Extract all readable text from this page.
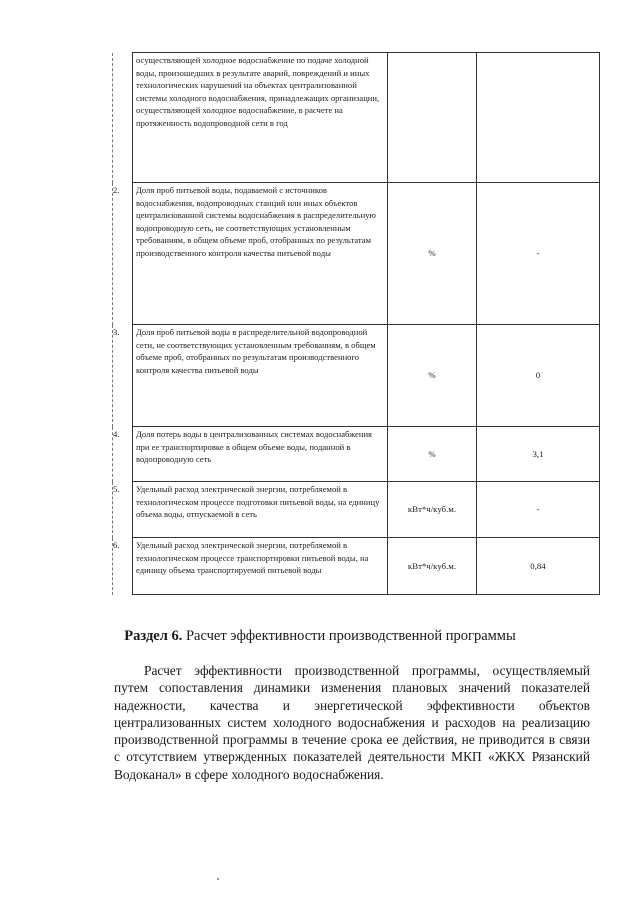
	осуществляющей холодное водоснабжение по подаче холодной воды, произошедших в результате аварий, повреждений и иных технологических нарушений на объектах централизованной системы холодного водоснабжения, принадлежащих организации, осуществляющей холодное водоснабжение, в расчете на протяженность водопроводной сети в год		
2.	Доля проб питьевой воды, подаваемой с источников водоснабжения, водопроводных станций или иных объектов централизованной системы водоснабжения в распределительную водопроводную сеть, не соответствующих установленным требованиям, в общем объеме проб, отобранных по результатам производственного контроля качества питьевой воды	%	-
3.	Доля проб питьевой воды в распределительной водопроводной сети, не соответствующих установленным требованиям, в общем объеме проб, отобранных по результатам производственного контроля качества питьевой воды	%	0
4.	Доля потерь воды в централизованных системах водоснабжения при ее транспортировке в общем объеме воды, поданной в водопроводную сеть	%	3,1
5.	Удельный расход электрической энергии, потребляемой в технологическом процессе подготовки питьевой воды, на единицу объема воды, отпускаемой в сеть	кВт*ч/куб.м.	-
6.	Удельный расход электрической энергии, потребляемой в технологическом процессе транспортировки питьевой воды, на единицу объема транспортируемой питьевой воды	кВт*ч/куб.м.	0,84
Раздел 6. Расчет эффективности производственной программы

Расчет эффективности производственной программы, осуществляемый путем сопоставления динамики изменения плановых значений показателей надежности, качества и энергетической эффективности объектов централизованных систем холодного водоснабжения и расходов на реализацию производственной программы в течение срока ее действия, не приводится в связи с отсутствием утвержденных показателей деятельности МКП «ЖКХ Рязанский Водоканал» в сфере холодного водоснабжения.
